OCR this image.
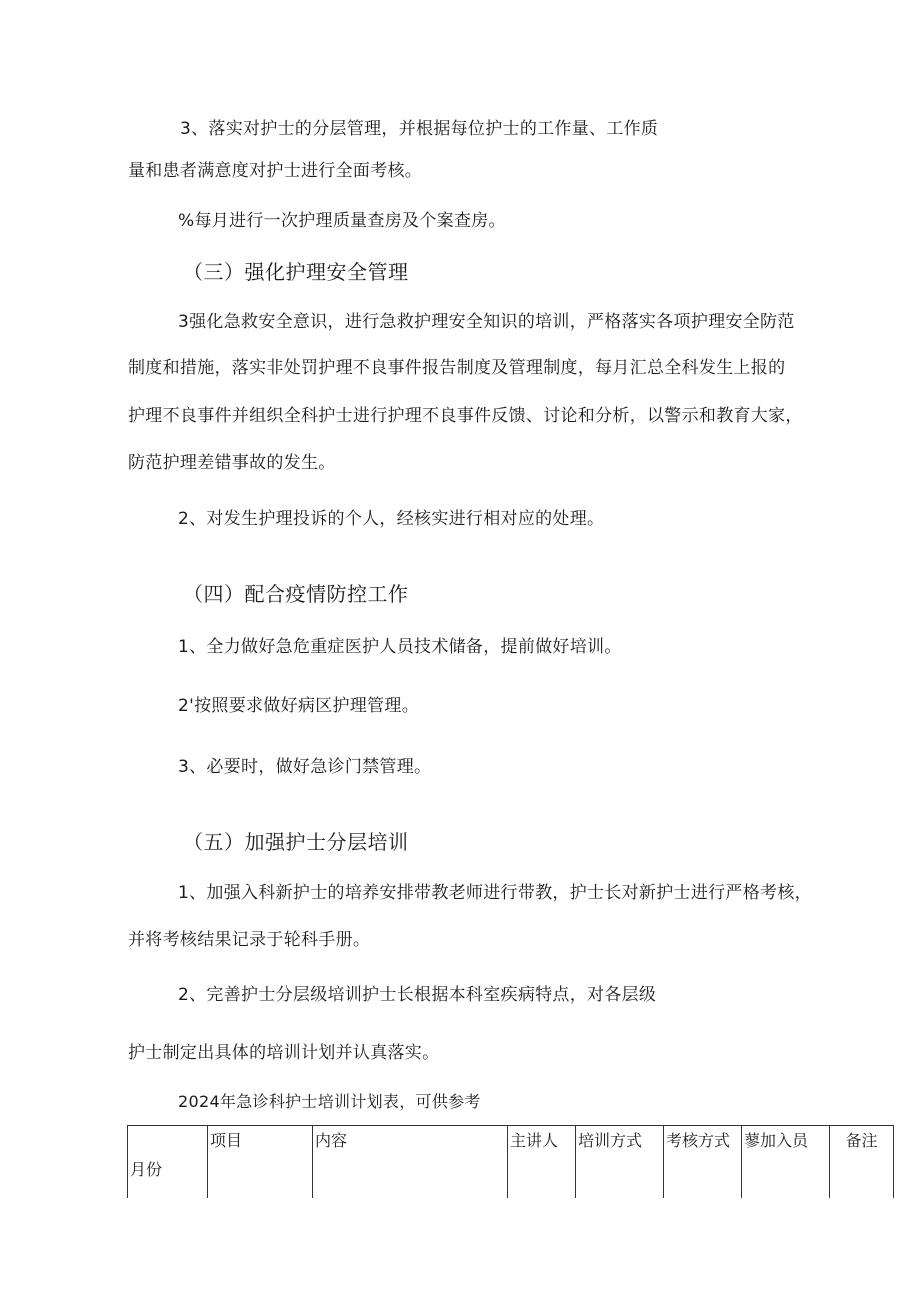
3、落实对护士的分层管理，并根据每位护士的工作量、工作质
量和患者满意度对护士进行全面考核。
%每月进行一次护理质量查房及个案查房。
（三）强化护理安全管理
3强化急救安全意识，进行急救护理安全知识的培训，严格落实各项护理安全防范
制度和措施，落实非处罚护理不良事件报告制度及管理制度，每月汇总全科发生上报的
护理不良事件并组织全科护士进行护理不良事件反馈、讨论和分析，以警示和教育大家，
防范护理差错事故的发生。
2、对发生护理投诉的个人，经核实进行相对应的处理。
（四）配合疫情防控工作
1、全力做好急危重症医护人员技术储备，提前做好培训。
2'按照要求做好病区护理管理。
3、必要时，做好急诊门禁管理。
（五）加强护士分层培训
1、加强入科新护士的培养安排带教老师进行带教，护士长对新护士进行严格考核，
并将考核结果记录于轮科手册。
2、完善护士分层级培训护士长根据本科室疾病特点，对各层级
护士制定出具体的培训计划并认真落实。
2024年急诊科护士培训计划表，可供参考
月份	项目	内容	主讲人	培训方式	考核方式	蓼加入员	备注
